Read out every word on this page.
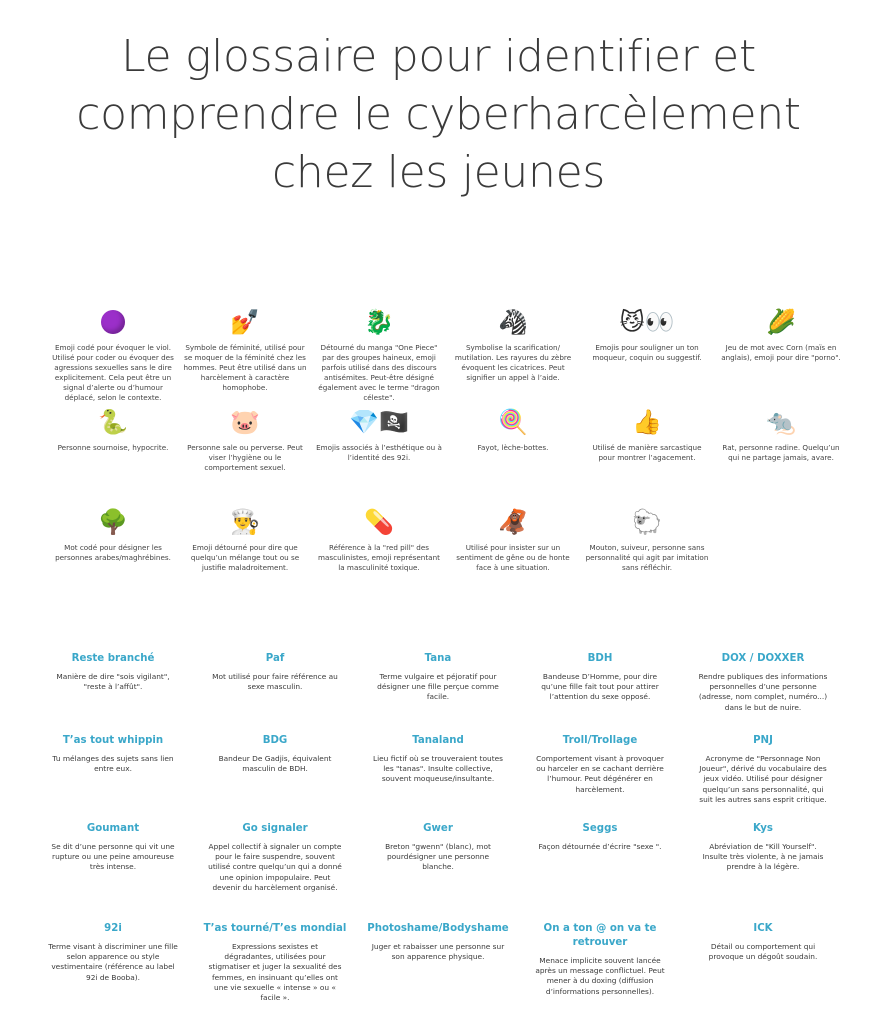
Le glossaire pour identifier et
comprendre le cyberharcèlement
chez les jeunes
Emoji codé pour évoquer le viol. Utilisé pour coder ou évoquer des agressions sexuelles sans le dire explicitement. Cela peut être un signal d’alerte ou d’humour déplacé, selon le contexte.
💅
Symbole de féminité, utilisé pour se moquer de la féminité chez les hommes. Peut être utilisé dans un harcèlement à caractère homophobe.
🐉
Détourné du manga "One Piece" par des groupes haineux, emoji parfois utilisé dans des discours antisémites. Peut-être désigné également avec le terme "dragon céleste".
🦓
Symbolise la scarification/ mutilation. Les rayures du zèbre évoquent les cicatrices. Peut signifier un appel à l’aide.
😼👀
Emojis pour souligner un ton moqueur, coquin ou suggestif.
🌽
Jeu de mot avec Corn (maïs en anglais), emoji pour dire "porno".
🐍
Personne sournoise, hypocrite.
🐷
Personne sale ou perverse. Peut viser l’hygiène ou le comportement sexuel.
💎🏴‍☠️
Emojis associés à l’esthétique ou à l’identité des 92i.
🍭
Fayot, lèche-bottes.
👍
Utilisé de manière sarcastique pour montrer l’agacement.
🐀
Rat, personne radine. Quelqu’un qui ne partage jamais, avare.
🌳
Mot codé pour désigner les personnes arabes/maghrébines.
👨‍🍳
Emoji détourné pour dire que quelqu’un mélange tout ou se justifie maladroitement.
💊
Référence à la "red pill" des masculinistes, emoji représentant la masculinité toxique.
🦧
Utilisé pour insister sur un sentiment de gêne ou de honte face à une situation.
🐑
Mouton, suiveur, personne sans personnalité qui agit par imitation sans réfléchir.
Reste branché
Manière de dire "sois vigilant", "reste à l’affût".
Paf
Mot utilisé pour faire référence au sexe masculin.
Tana
Terme vulgaire et péjoratif pour désigner une fille perçue comme facile.
BDH
Bandeuse D’Homme, pour dire qu’une fille fait tout pour attirer l’attention du sexe opposé.
DOX / DOXXER
Rendre publiques des informations personnelles d’une personne (adresse, nom complet, numéro...) dans le but de nuire.
T’as tout whippin
Tu mélanges des sujets sans lien entre eux.
BDG
Bandeur De Gadjis, équivalent masculin de BDH.
Tanaland
Lieu fictif où se trouveraient toutes les "tanas". Insulte collective, souvent moqueuse/insultante.
Troll/Trollage
Comportement visant à provoquer ou harceler en se cachant derrière l’humour. Peut dégénérer en harcèlement.
PNJ
Acronyme de "Personnage Non Joueur", dérivé du vocabulaire des jeux vidéo. Utilisé pour désigner quelqu’un sans personnalité, qui suit les autres sans esprit critique.
Goumant
Se dit d’une personne qui vit une rupture ou une peine amoureuse très intense.
Go signaler
Appel collectif à signaler un compte pour le faire suspendre, souvent utilisé contre quelqu’un qui a donné une opinion impopulaire. Peut devenir du harcèlement organisé.
Gwer
Breton "gwenn" (blanc), mot pourdésigner une personne blanche.
Seggs
Façon détournée d’écrire "sexe ".
Kys
Abréviation de "Kill Yourself". Insulte très violente, à ne jamais prendre à la légère.
92i
Terme visant à discriminer une fille selon apparence ou style vestimentaire (référence au label 92i de Booba).
T’as tourné/T’es mondial
Expressions sexistes et dégradantes, utilisées pour stigmatiser et juger la sexualité des femmes, en insinuant qu’elles ont une vie sexuelle « intense » ou « facile ».
Photoshame/Bodyshame
Juger et rabaisser une personne sur son apparence physique.
On a ton @ on va te retrouver
Menace implicite souvent lancée après un message conflictuel. Peut mener à du doxing (diffusion d’informations personnelles).
ICK
Détail ou comportement qui provoque un dégoût soudain.
